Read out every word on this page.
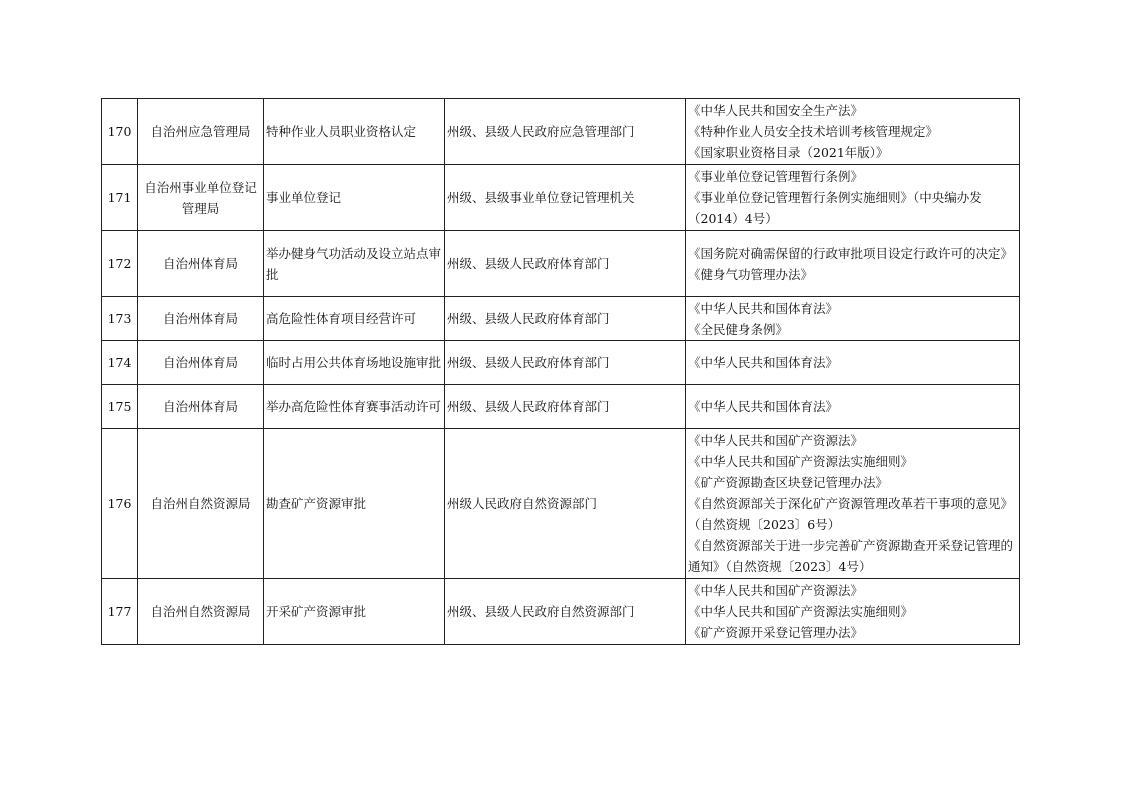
170	自治州应急管理局	特种作业人员职业资格认定	州级、县级人民政府应急管理部门	《中华人民共和国安全生产法》
《特种作业人员安全技术培训考核管理规定》
《国家职业资格目录（2021年版）》

171	自治州事业单位登记管理局	事业单位登记	州级、县级事业单位登记管理机关	《事业单位登记管理暂行条例》
《事业单位登记管理暂行条例实施细则》（中央编办发（2014）4号）

172	自治州体育局	举办健身气功活动及设立站点审批	州级、县级人民政府体育部门	《国务院对确需保留的行政审批项目设定行政许可的决定》
《健身气功管理办法》

173	自治州体育局	高危险性体育项目经营许可	州级、县级人民政府体育部门	《中华人民共和国体育法》
《全民健身条例》

174	自治州体育局	临时占用公共体育场地设施审批	州级、县级人民政府体育部门	《中华人民共和国体育法》

175	自治州体育局	举办高危险性体育赛事活动许可	州级、县级人民政府体育部门	《中华人民共和国体育法》

176	自治州自然资源局	勘查矿产资源审批	州级人民政府自然资源部门	《中华人民共和国矿产资源法》
《中华人民共和国矿产资源法实施细则》
《矿产资源勘查区块登记管理办法》
《自然资源部关于深化矿产资源管理改革若干事项的意见》（自然资规〔2023〕6号）
《自然资源部关于进一步完善矿产资源勘查开采登记管理的通知》（自然资规〔2023〕4号）

177	自治州自然资源局	开采矿产资源审批	州级、县级人民政府自然资源部门	《中华人民共和国矿产资源法》
《中华人民共和国矿产资源法实施细则》
《矿产资源开采登记管理办法》
